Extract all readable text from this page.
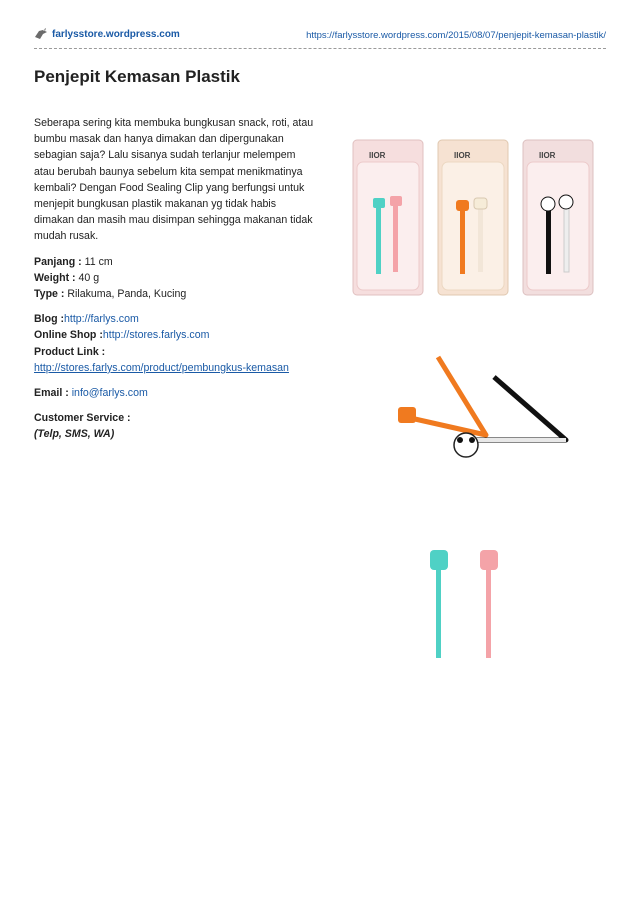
farlysstore.wordpress.com	https://farlysstore.wordpress.com/2015/08/07/penjepit-kemasan-plastik/
Penjepit Kemasan Plastik

Seberapa sering kita membuka bungkusan snack, roti, atau bumbu masak dan hanya dimakan dan dipergunakan sebagian saja? Lalu sisanya sudah terlanjur melempem atau berubah baunya sebelum kita sempat menikmatinya kembali? Dengan Food Sealing Clip yang berfungsi untuk menjepit bungkusan plastik makanan yg tidak habis dimakan dan masih mau disimpan sehingga makanan tidak mudah rusak.

Panjang : 11 cm
Weight : 40 g
Type : Rilakuma, Panda, Kucing
Blog :http://farlys.com
Online Shop :http://stores.farlys.com
Product Link :
http://stores.farlys.com/product/pembungkus-kemasan
Email : info@farlys.com
Customer Service :
(Telp, SMS, WA)
IIOR	IIOR	IIOR
